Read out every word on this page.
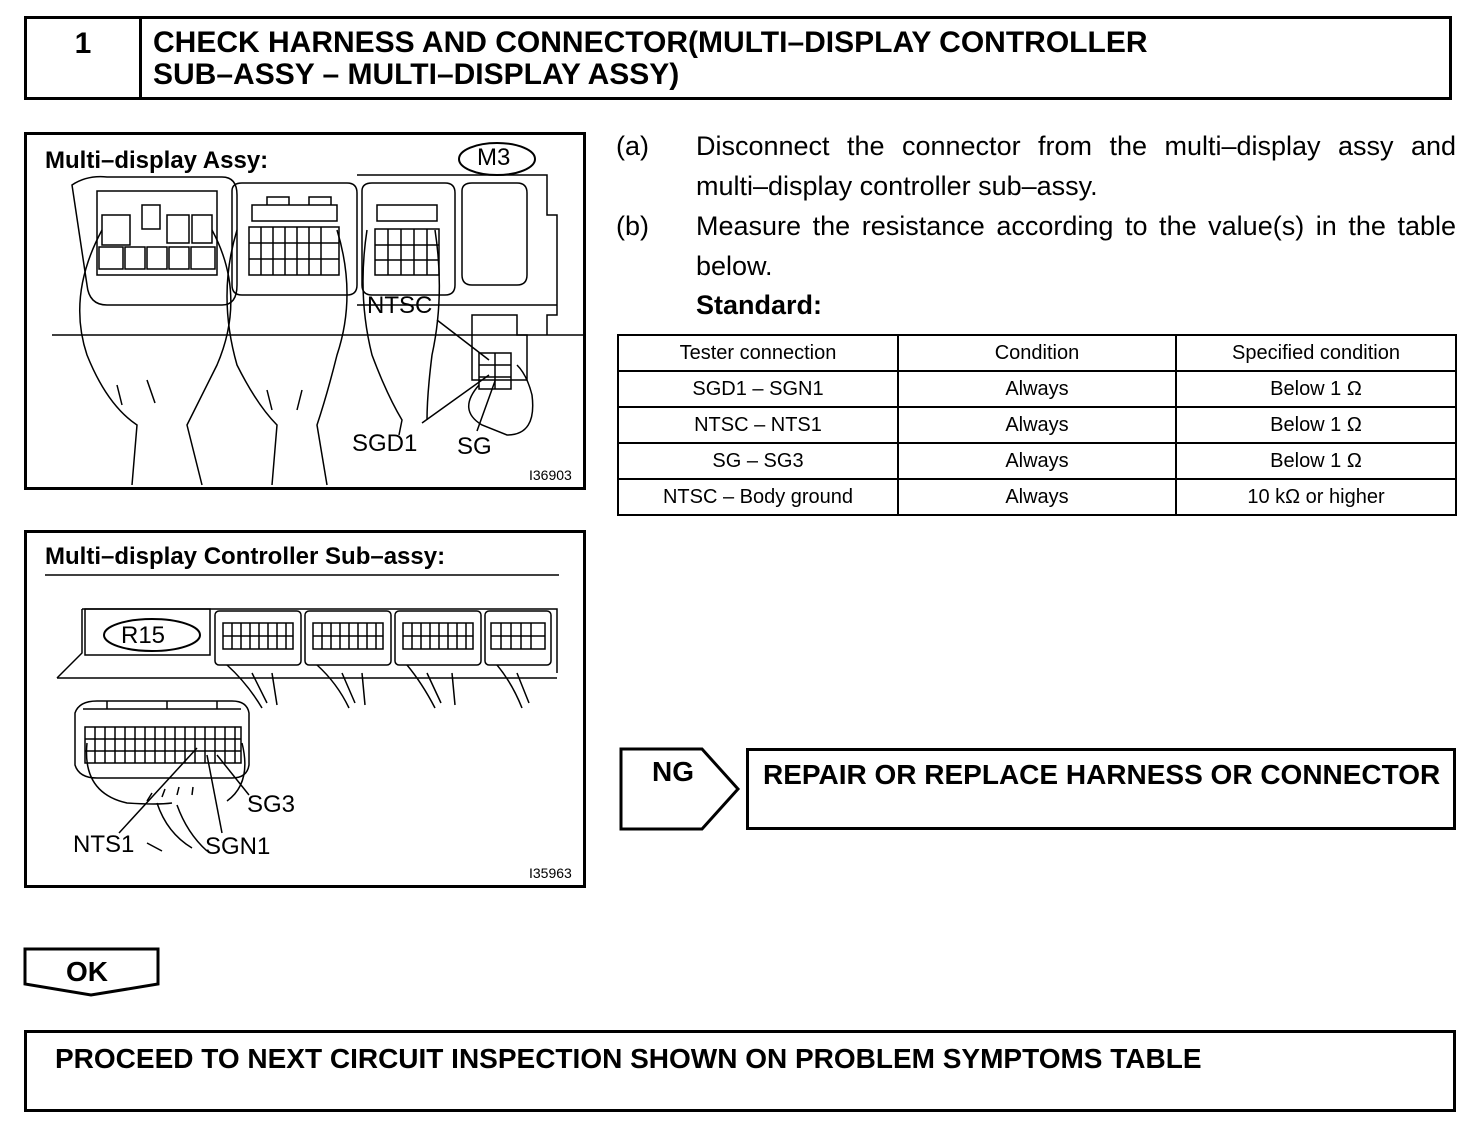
1	CHECK HARNESS AND CONNECTOR(MULTI–DISPLAY CONTROLLER
SUB–ASSY – MULTI–DISPLAY ASSY)
Multi–display Assy:	M3
NTSC
SGD1 SG
I36903
Multi–display Controller Sub–assy:
R15
SG3
NTS1	SGN1
I35963
(a) Disconnect the connector from the multi–display assy and multi–display controller sub–assy.
(b) Measure the resistance according to the value(s) in the table below.
Standard:
Tester connection	Condition	Specified condition
SGD1 – SGN1	Always	Below 1 Ω
NTSC – NTS1	Always	Below 1 Ω
SG – SG3	Always	Below 1 Ω
NTSC – Body ground	Always	10 kΩ or higher
NG REPAIR OR REPLACE HARNESS OR CONNECTOR
OK
PROCEED TO NEXT CIRCUIT INSPECTION SHOWN ON PROBLEM SYMPTOMS TABLE
